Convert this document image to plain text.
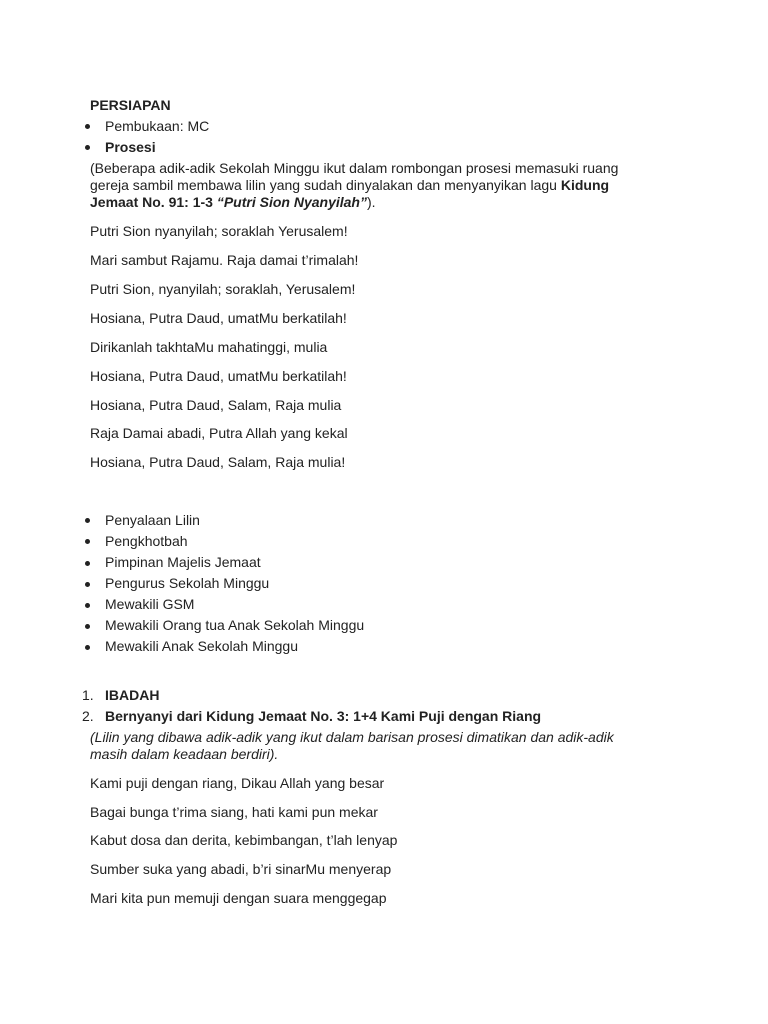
PERSIAPAN
Pembukaan: MC
Prosesi
(Beberapa adik-adik Sekolah Minggu ikut dalam rombongan prosesi memasuki ruang gereja sambil membawa lilin yang sudah dinyalakan dan menyanyikan lagu Kidung Jemaat No. 91: 1-3 “Putri Sion Nyanyilah”).
Putri Sion nyanyilah; soraklah Yerusalem!
Mari sambut Rajamu. Raja damai t’rimalah!
Putri Sion, nyanyilah; soraklah, Yerusalem!
Hosiana, Putra Daud, umatMu berkatilah!
Dirikanlah takhtaMu mahatinggi, mulia
Hosiana, Putra Daud, umatMu berkatilah!
Hosiana, Putra Daud, Salam, Raja mulia
Raja Damai abadi, Putra Allah yang kekal
Hosiana, Putra Daud, Salam, Raja mulia!
Penyalaan Lilin
Pengkhotbah
Pimpinan Majelis Jemaat
Pengurus Sekolah Minggu
Mewakili GSM
Mewakili Orang tua Anak Sekolah Minggu
Mewakili Anak Sekolah Minggu
1. IBADAH
2. Bernyanyi dari Kidung Jemaat No. 3: 1+4 Kami Puji dengan Riang
(Lilin yang dibawa adik-adik yang ikut dalam barisan prosesi dimatikan dan adik-adik masih dalam keadaan berdiri).
Kami puji dengan riang, Dikau Allah yang besar
Bagai bunga t’rima siang, hati kami pun mekar
Kabut dosa dan derita, kebimbangan, t’lah lenyap
Sumber suka yang abadi, b’ri sinarMu menyerap
Mari kita pun memuji dengan suara menggegap
